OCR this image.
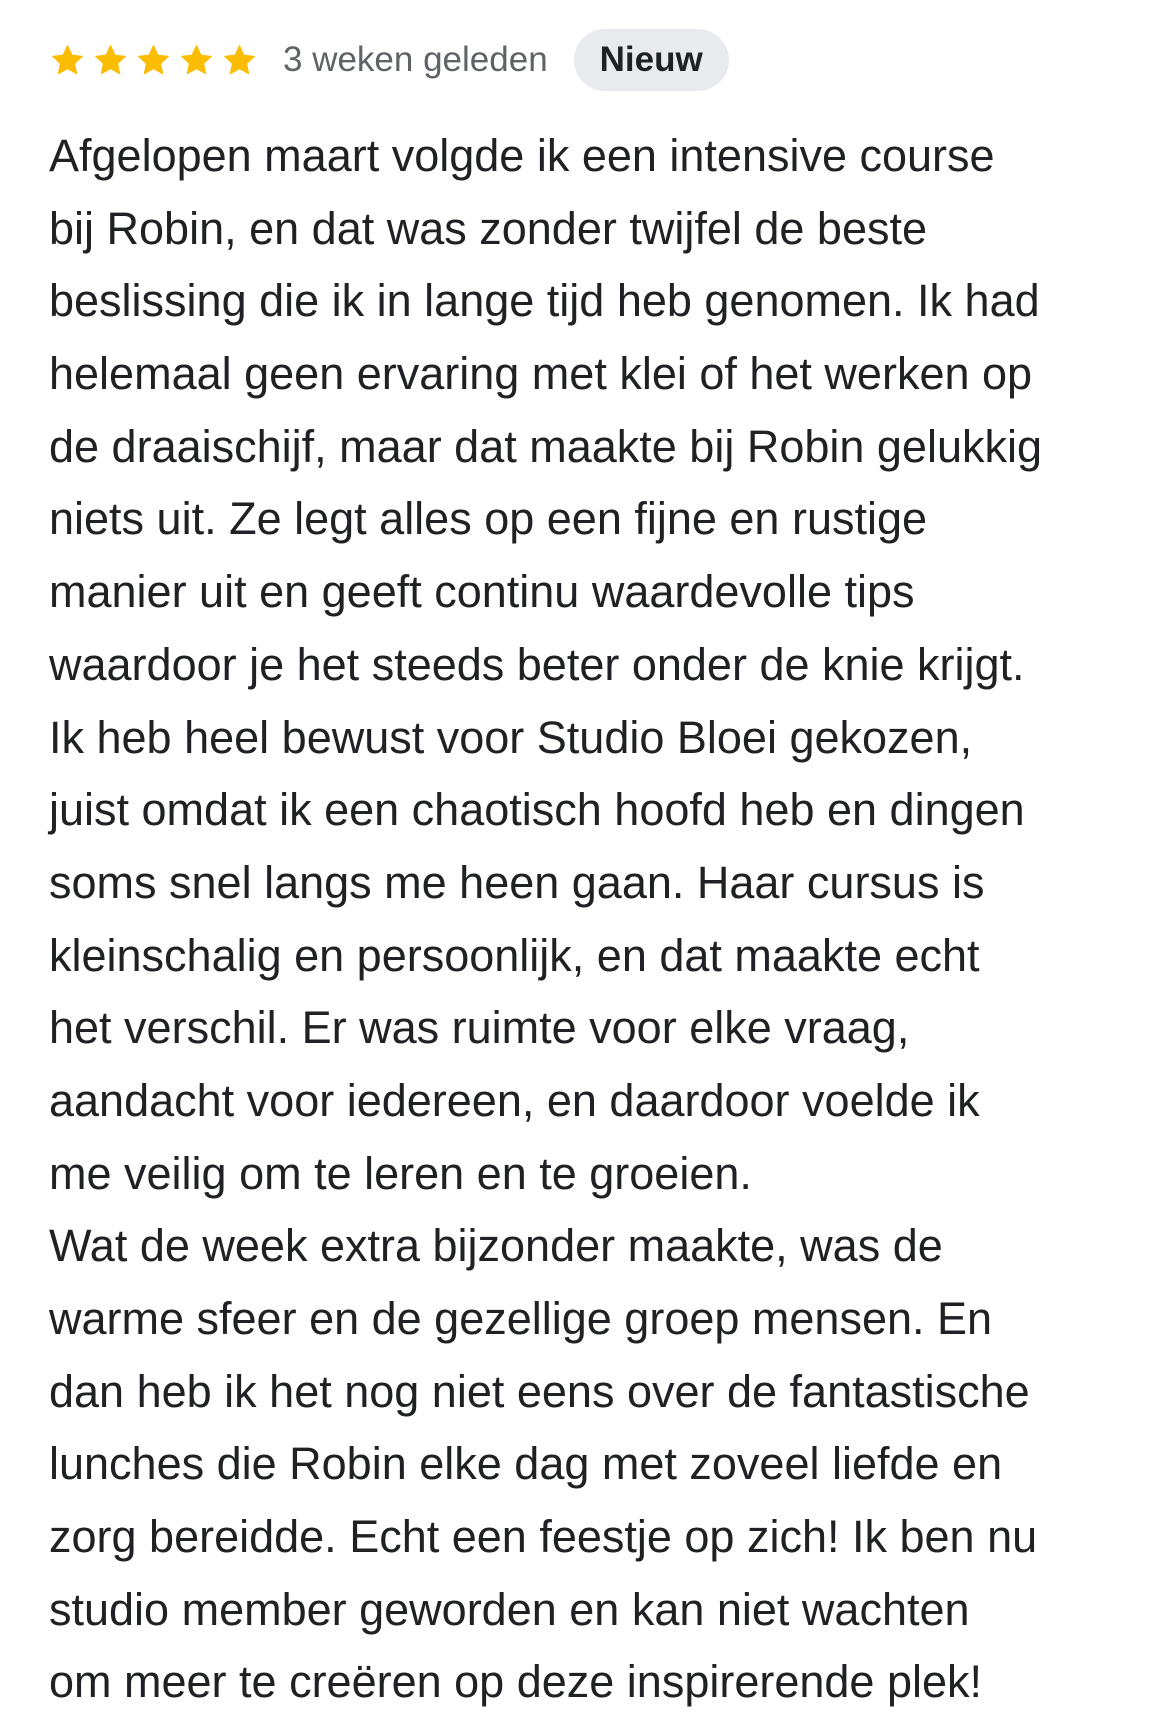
3 weken geleden	Nieuw
Afgelopen maart volgde ik een intensive course
bij Robin, en dat was zonder twijfel de beste
beslissing die ik in lange tijd heb genomen. Ik had
helemaal geen ervaring met klei of het werken op
de draaischijf, maar dat maakte bij Robin gelukkig
niets uit. Ze legt alles op een fijne en rustige
manier uit en geeft continu waardevolle tips
waardoor je het steeds beter onder de knie krijgt.
Ik heb heel bewust voor Studio Bloei gekozen,
juist omdat ik een chaotisch hoofd heb en dingen
soms snel langs me heen gaan. Haar cursus is
kleinschalig en persoonlijk, en dat maakte echt
het verschil. Er was ruimte voor elke vraag,
aandacht voor iedereen, en daardoor voelde ik
me veilig om te leren en te groeien.
Wat de week extra bijzonder maakte, was de
warme sfeer en de gezellige groep mensen. En
dan heb ik het nog niet eens over de fantastische
lunches die Robin elke dag met zoveel liefde en
zorg bereidde. Echt een feestje op zich! Ik ben nu
studio member geworden en kan niet wachten
om meer te creëren op deze inspirerende plek!
